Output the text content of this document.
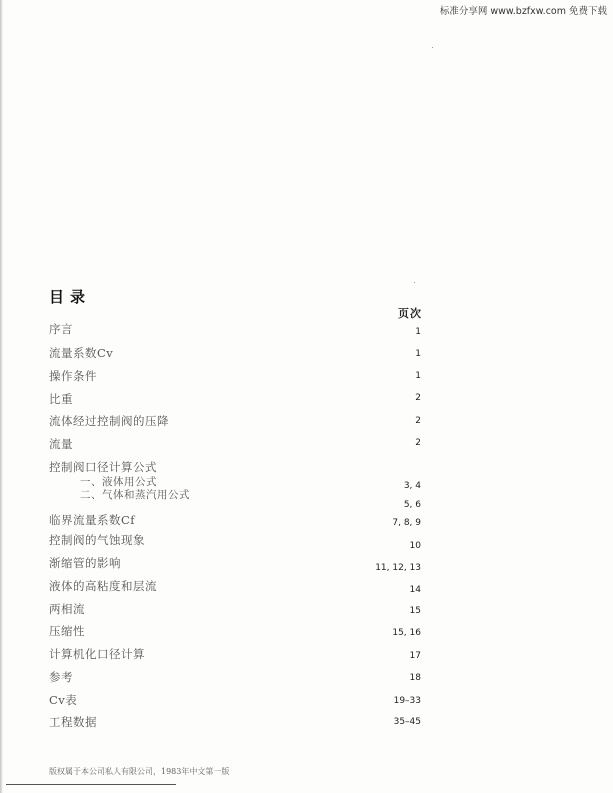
标准分享网 www.bzfxw.com 免费下载
目录
页次
序言
流量系数Cv
操作条件
比重
流体经过控制阀的压降
流量
控制阀口径计算公式
一、液体用公式
二、气体和蒸汽用公式
临界流量系数Cf
控制阀的气蚀现象
渐缩管的影响
液体的高粘度和层流
两相流
压缩性
计算机化口径计算
参考
Cv表
工程数据
1
1
1
2
2
2
3, 4
5, 6
7, 8, 9
10
11, 12, 13
14
15
15, 16
17
18
19–33
35–45
版权属于本公司私人有限公司，1983年中文第一版
